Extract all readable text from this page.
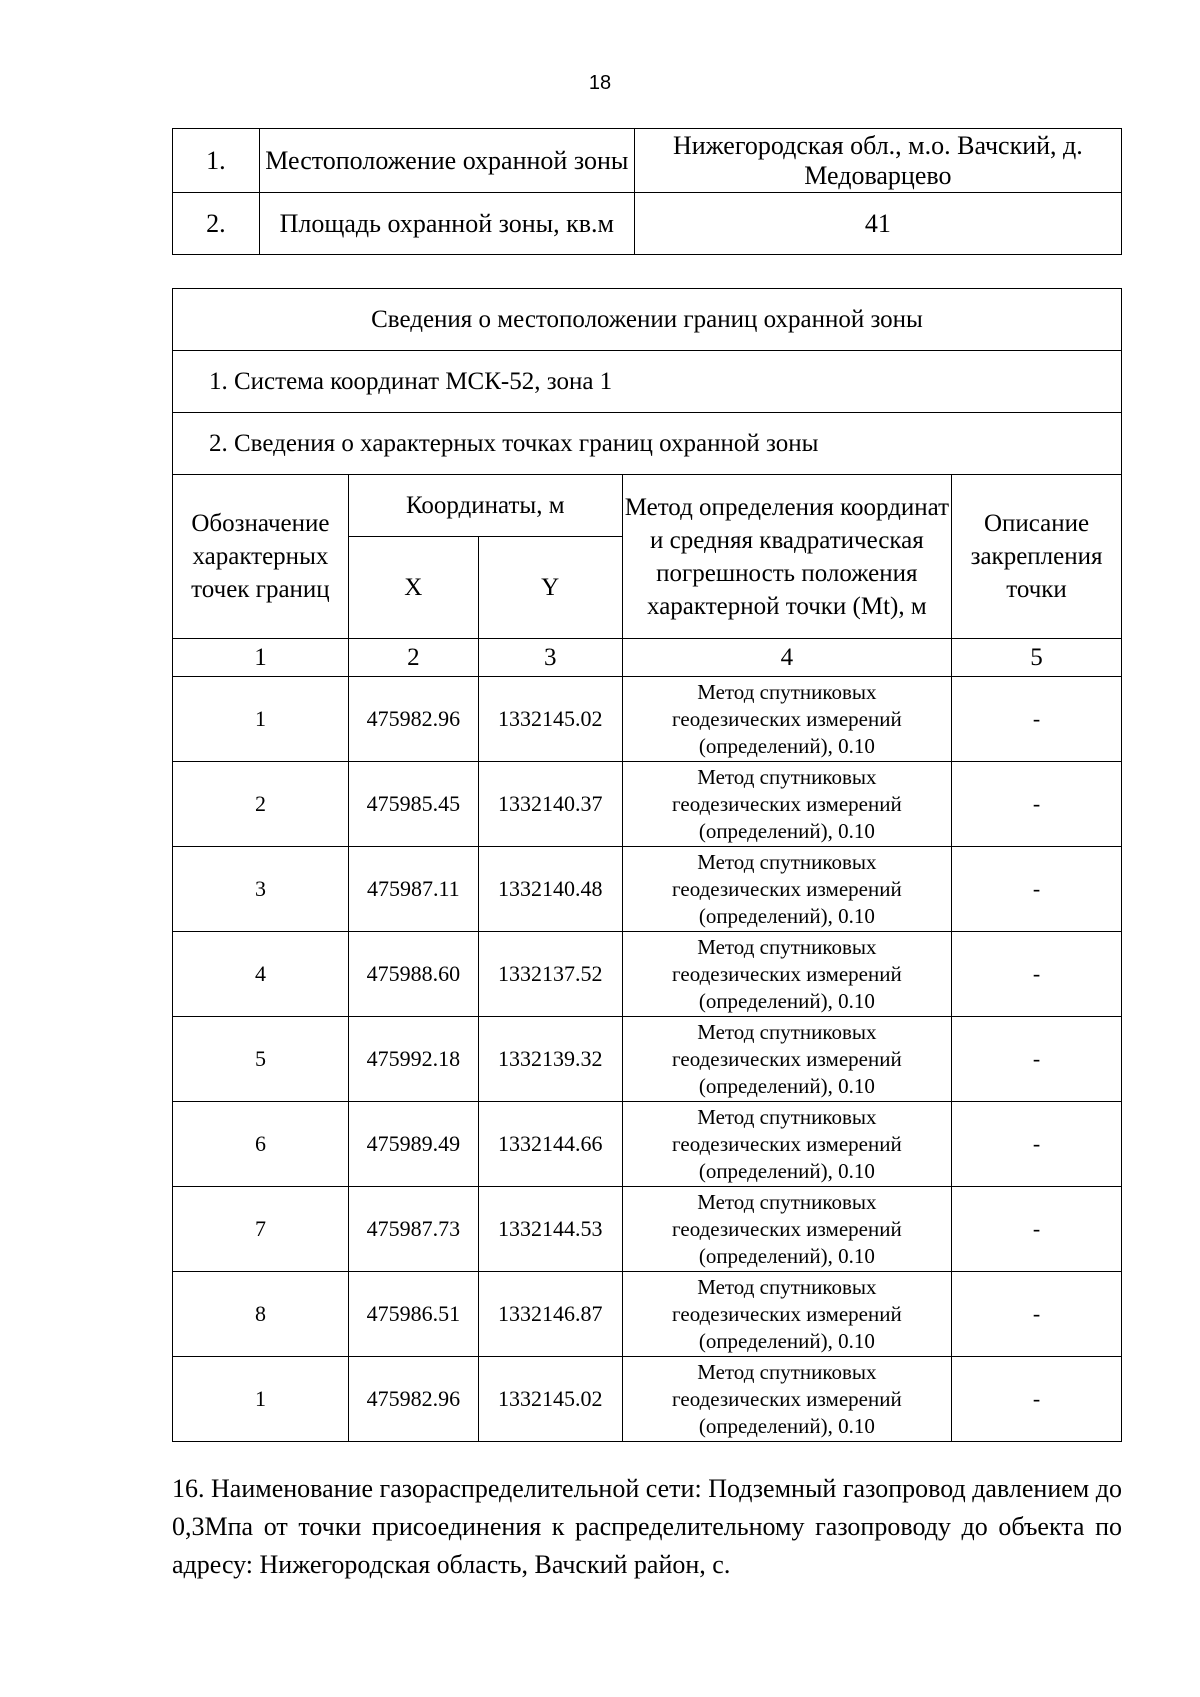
18
1.	Местоположение охранной зоны	Нижегородская обл., м.о. Вачский, д. Медоварцево
2.	Площадь охранной зоны, кв.м	41
Сведения о местоположении границ охранной зоны				
1. Система координат МСК-52, зона 1				
2. Сведения о характерных точках границ охранной зоны				
Обозначение характерных точек границ	Координаты, м		Метод определения координат и средняя квадратическая погрешность положения характерной точки (Mt), м	Описание закрепления точки
	X	Y		
1	2	3	4	5
1	475982.96	1332145.02	Метод спутниковых
геодезических измерений
(определений), 0.10	-
2	475985.45	1332140.37	Метод спутниковых
геодезических измерений
(определений), 0.10	-
3	475987.11	1332140.48	Метод спутниковых
геодезических измерений
(определений), 0.10	-
4	475988.60	1332137.52	Метод спутниковых
геодезических измерений
(определений), 0.10	-
5	475992.18	1332139.32	Метод спутниковых
геодезических измерений
(определений), 0.10	-
6	475989.49	1332144.66	Метод спутниковых
геодезических измерений
(определений), 0.10	-
7	475987.73	1332144.53	Метод спутниковых
геодезических измерений
(определений), 0.10	-
8	475986.51	1332146.87	Метод спутниковых
геодезических измерений
(определений), 0.10	-
1	475982.96	1332145.02	Метод спутниковых
геодезических измерений
(определений), 0.10	-
16. Наименование газораспределительной сети: Подземный газопровод давлением до 0,3Мпа от точки присоединения к распределительному газопроводу до объекта по адресу: Нижегородская область, Вачский район, с.
